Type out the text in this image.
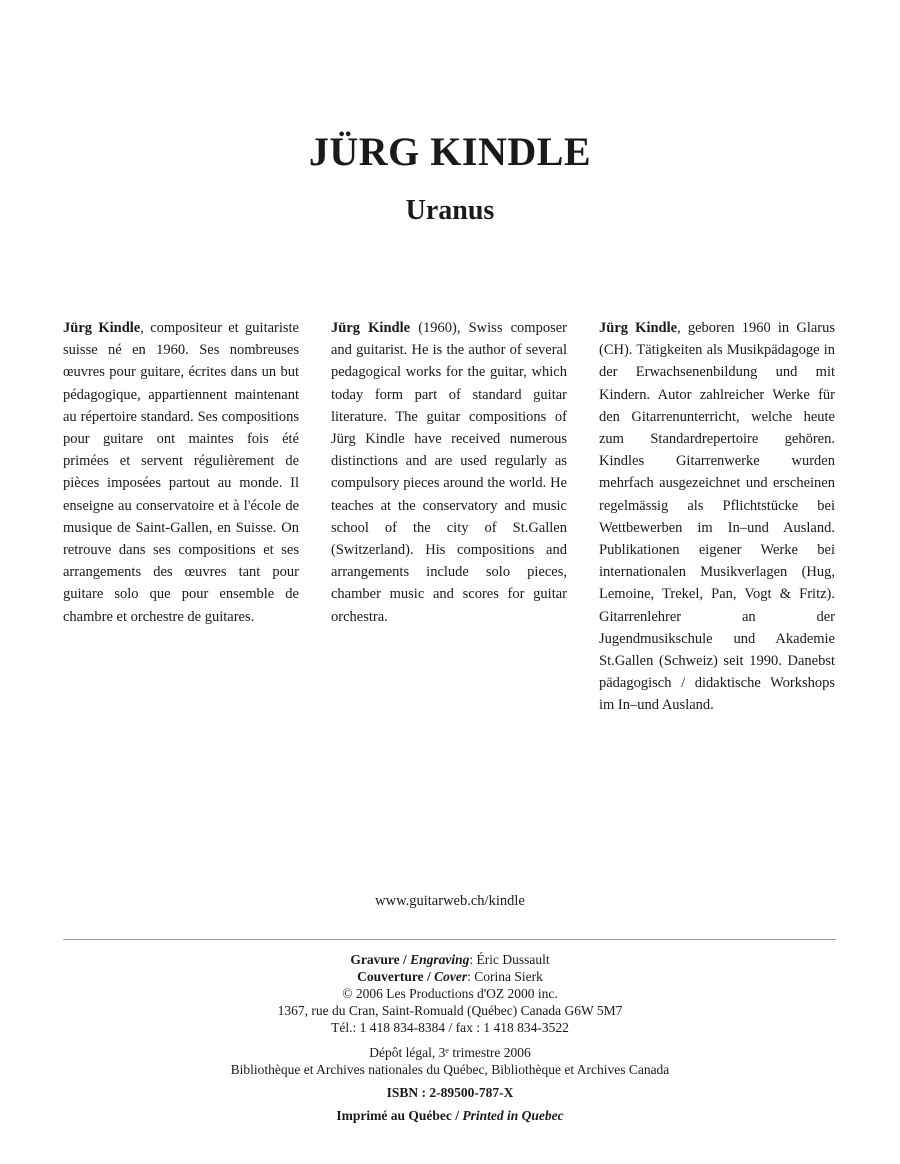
JÜRG KINDLE
Uranus
Jürg Kindle, compositeur et guitariste suisse né en 1960. Ses nombreuses œuvres pour guitare, écrites dans un but pédagogique, appartiennent maintenant au répertoire standard. Ses compositions pour guitare ont maintes fois été primées et servent régulièrement de pièces imposées partout au monde. Il enseigne au conservatoire et à l'école de musique de Saint-Gallen, en Suisse. On retrouve dans ses compositions et ses arrangements des œuvres tant pour guitare solo que pour ensemble de chambre et orchestre de guitares.
Jürg Kindle (1960), Swiss composer and guitarist. He is the author of several pedagogical works for the guitar, which today form part of standard guitar literature. The guitar compositions of Jürg Kindle have received numerous distinctions and are used regularly as compulsory pieces around the world. He teaches at the conservatory and music school of the city of St.Gallen (Switzerland). His compositions and arrangements include solo pieces, chamber music and scores for guitar orchestra.
Jürg Kindle, geboren 1960 in Glarus (CH). Tätigkeiten als Musikpädagoge in der Erwachsenenbildung und mit Kindern. Autor zahlreicher Werke für den Gitarrenunterricht, welche heute zum Standardrepertoire gehören. Kindles Gitarrenwerke wurden mehrfach ausgezeichnet und erscheinen regelmässig als Pflichtstücke bei Wettbewerben im In–und Ausland. Publikationen eigener Werke bei internationalen Musikverlagen (Hug, Lemoine, Trekel, Pan, Vogt & Fritz). Gitarrenlehrer an der Jugendmusikschule und Akademie St.Gallen (Schweiz) seit 1990. Danebst pädagogisch / didaktische Workshops im In–und Ausland.
www.guitarweb.ch/kindle
Gravure / Engraving: Éric Dussault
Couverture / Cover: Corina Sierk
© 2006 Les Productions d'OZ 2000 inc.
1367, rue du Cran, Saint-Romuald (Québec) Canada G6W 5M7
Tél.: 1 418 834-8384 / fax : 1 418 834-3522
Dépôt légal, 3e trimestre 2006
Bibliothèque et Archives nationales du Québec, Bibliothèque et Archives Canada
ISBN : 2-89500-787-X
Imprimé au Québec / Printed in Quebec
